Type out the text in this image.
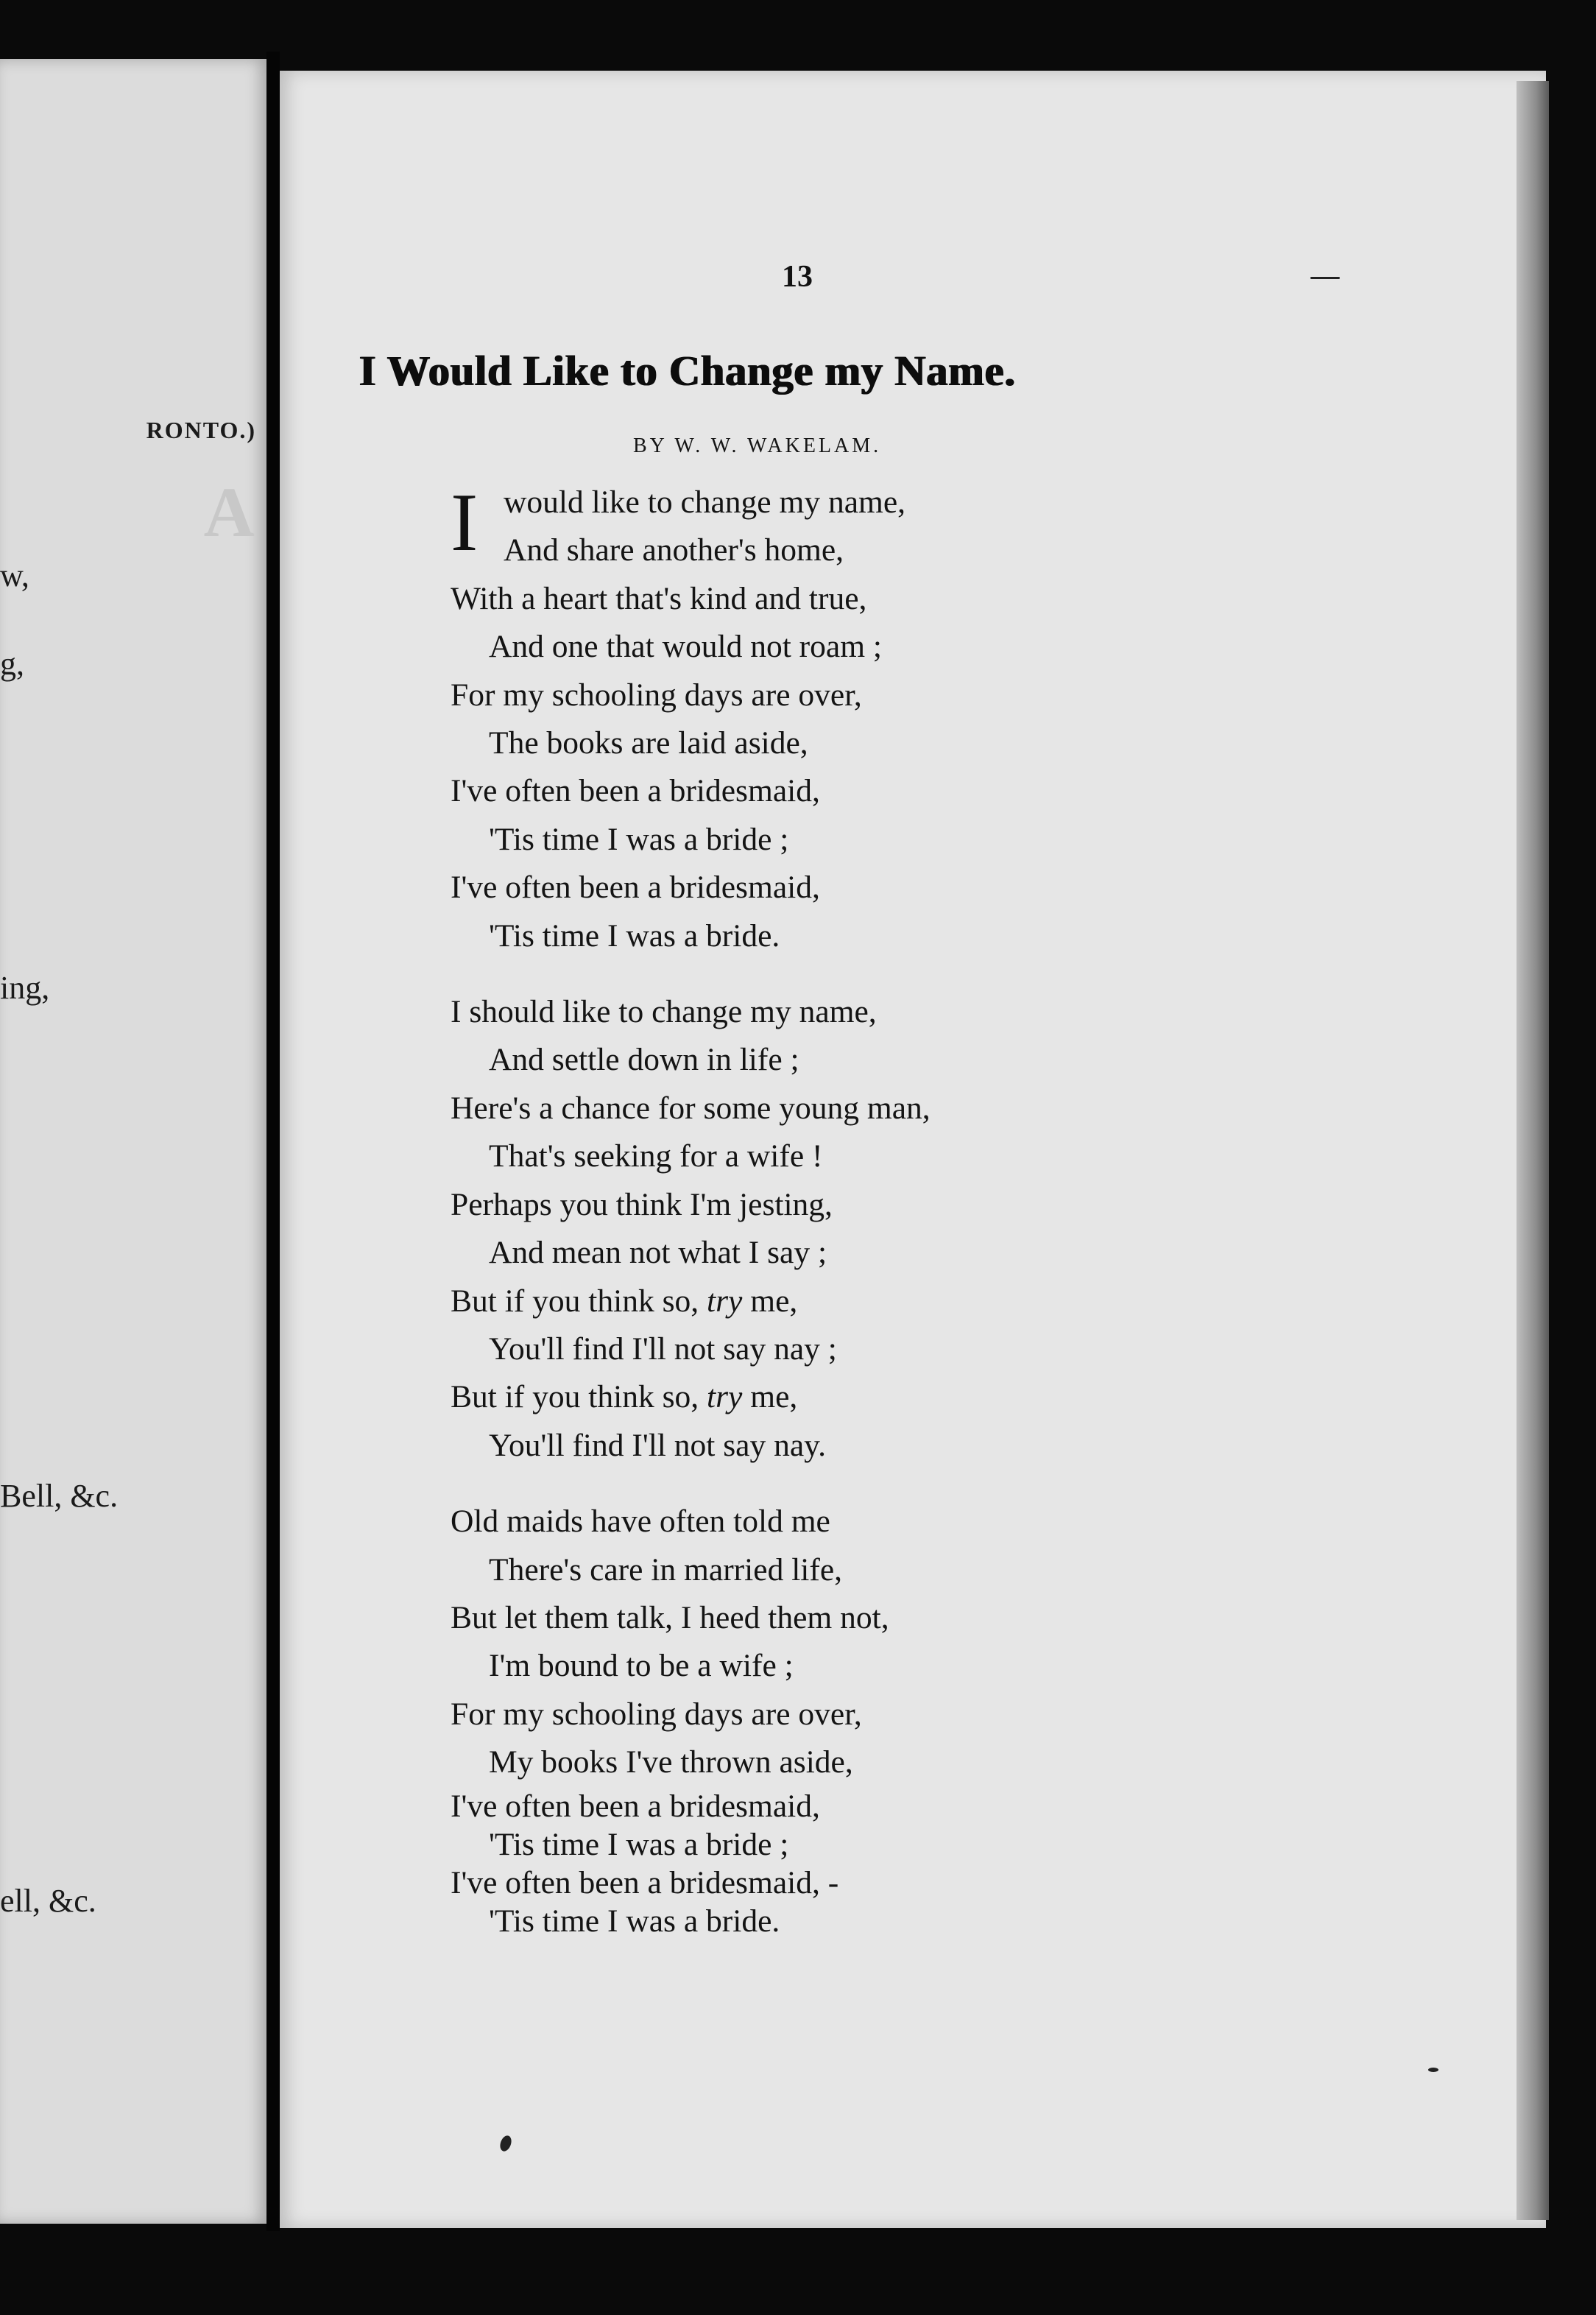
A
RONTO.)
w,
g,
ing,
Bell, &c.
ell, &c.
13
I Would Like to Change my Name.
BY W. W. WAKELAM.
I would like to change my name,
And share another's home,
With a heart that's kind and true,
And one that would not roam ;
For my schooling days are over,
The books are laid aside,
I've often been a bridesmaid,
'Tis time I was a bride ;
I've often been a bridesmaid,
'Tis time I was a bride.
I should like to change my name,
And settle down in life ;
Here's a chance for some young man,
That's seeking for a wife !
Perhaps you think I'm jesting,
And mean not what I say ;
But if you think so, try me,
You'll find I'll not say nay ;
But if you think so, try me,
You'll find I'll not say nay.
Old maids have often told me
There's care in married life,
But let them talk, I heed them not,
I'm bound to be a wife ;
For my schooling days are over,
My books I've thrown aside,
I've often been a bridesmaid,
'Tis time I was a bride ;
I've often been a bridesmaid, -
'Tis time I was a bride.
